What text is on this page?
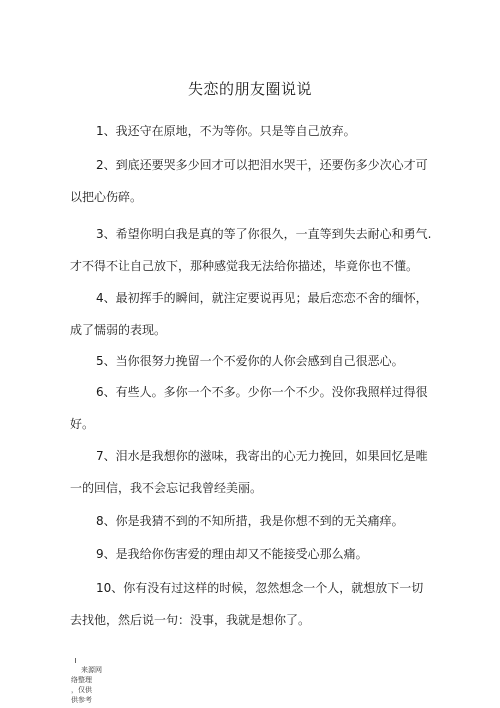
失恋的朋友圈说说
1、我还守在原地，不为等你。只是等自己放弃。
2、到底还要哭多少回才可以把泪水哭干，还要伤多少次心才可以把心伤碎。
3、希望你明白我是真的等了你很久，一直等到失去耐心和勇气.才不得不让自己放下，那种感觉我无法给你描述，毕竟你也不懂。
4、最初挥手的瞬间，就注定要说再见；最后恋恋不舍的缅怀，成了懦弱的表现。
5、当你很努力挽留一个不爱你的人你会感到自己很恶心。
6、有些人。多你一个不多。少你一个不少。没你我照样过得很好。
7、泪水是我想你的滋味，我寄出的心无力挽回，如果回忆是唯一的回信，我不会忘记我曾经美丽。
8、你是我猜不到的不知所措，我是你想不到的无关痛痒。
9、是我给你伤害爱的理由却又不能接受心那么痛。
10、你有没有过这样的时候，忽然想念一个人，就想放下一切去找他，然后说一句：没事，我就是想你了。
来源网
络整理
，仅供
供参考
